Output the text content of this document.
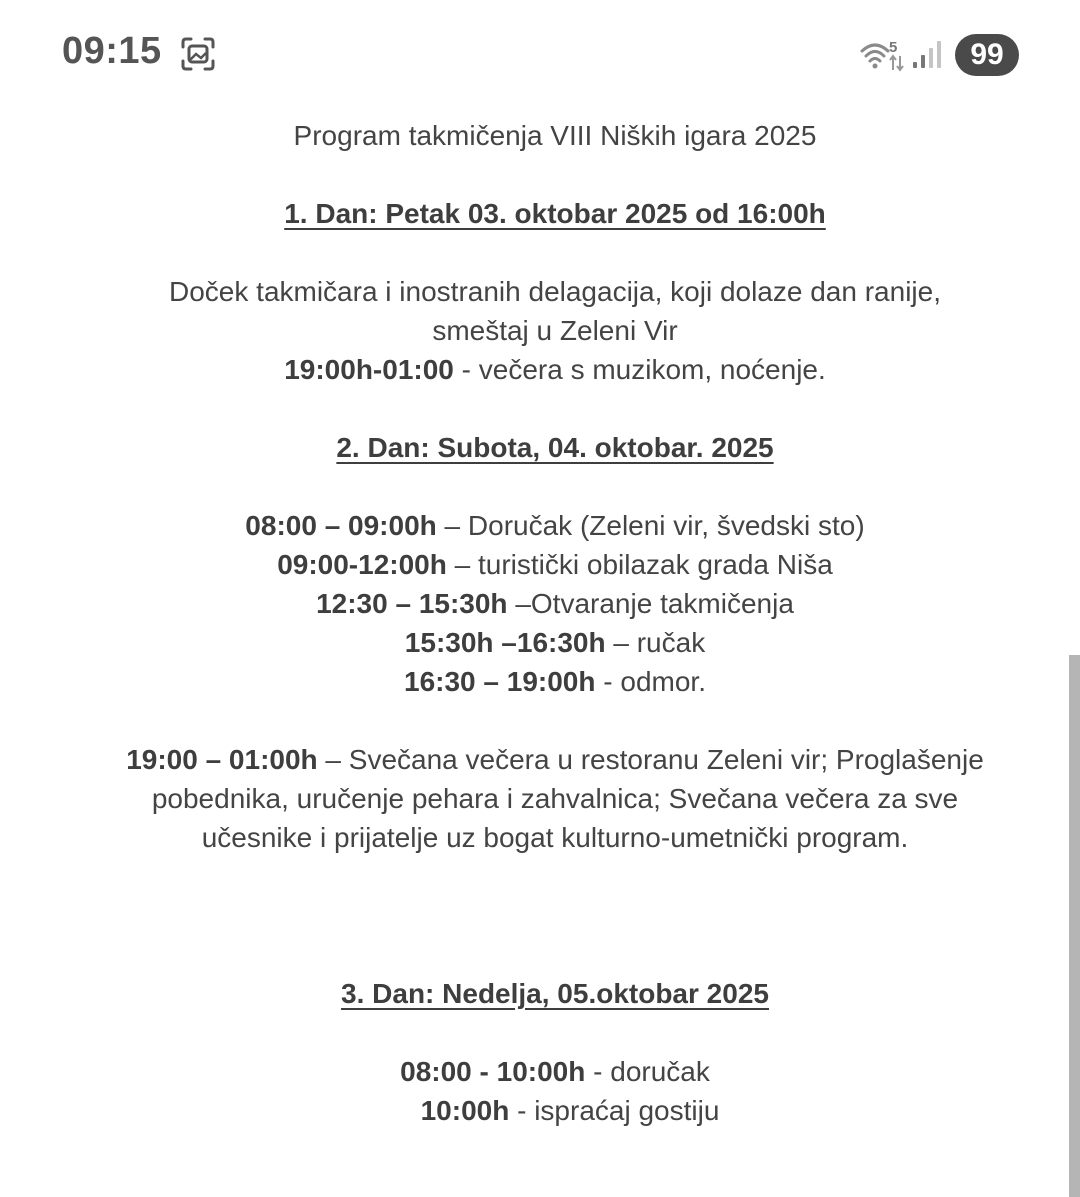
09:15	5	99

Program takmičenja VIII Niških igara 2025

1. Dan: Petak 03. oktobar 2025 od 16:00h

Doček takmičara i inostranih delagacija, koji dolaze dan ranije,

smeštaj u Zeleni Vir

19:00h-01:00 - večera s muzikom, noćenje.

2. Dan: Subota, 04. oktobar. 2025

08:00 – 09:00h – Doručak (Zeleni vir, švedski sto)

09:00-12:00h – turistički obilazak grada Niša

12:30 – 15:30h –Otvaranje takmičenja

15:30h –16:30h – ručak

16:30 – 19:00h - odmor.

19:00 – 01:00h – Svečana večera u restoranu Zeleni vir; Proglašenje

pobednika, uručenje pehara i zahvalnica; Svečana večera za sve

učesnike i prijatelje uz bogat kulturno-umetnički program.

3. Dan: Nedelja, 05.oktobar 2025

08:00 - 10:00h - doručak

10:00h - ispraćaj gostiju
